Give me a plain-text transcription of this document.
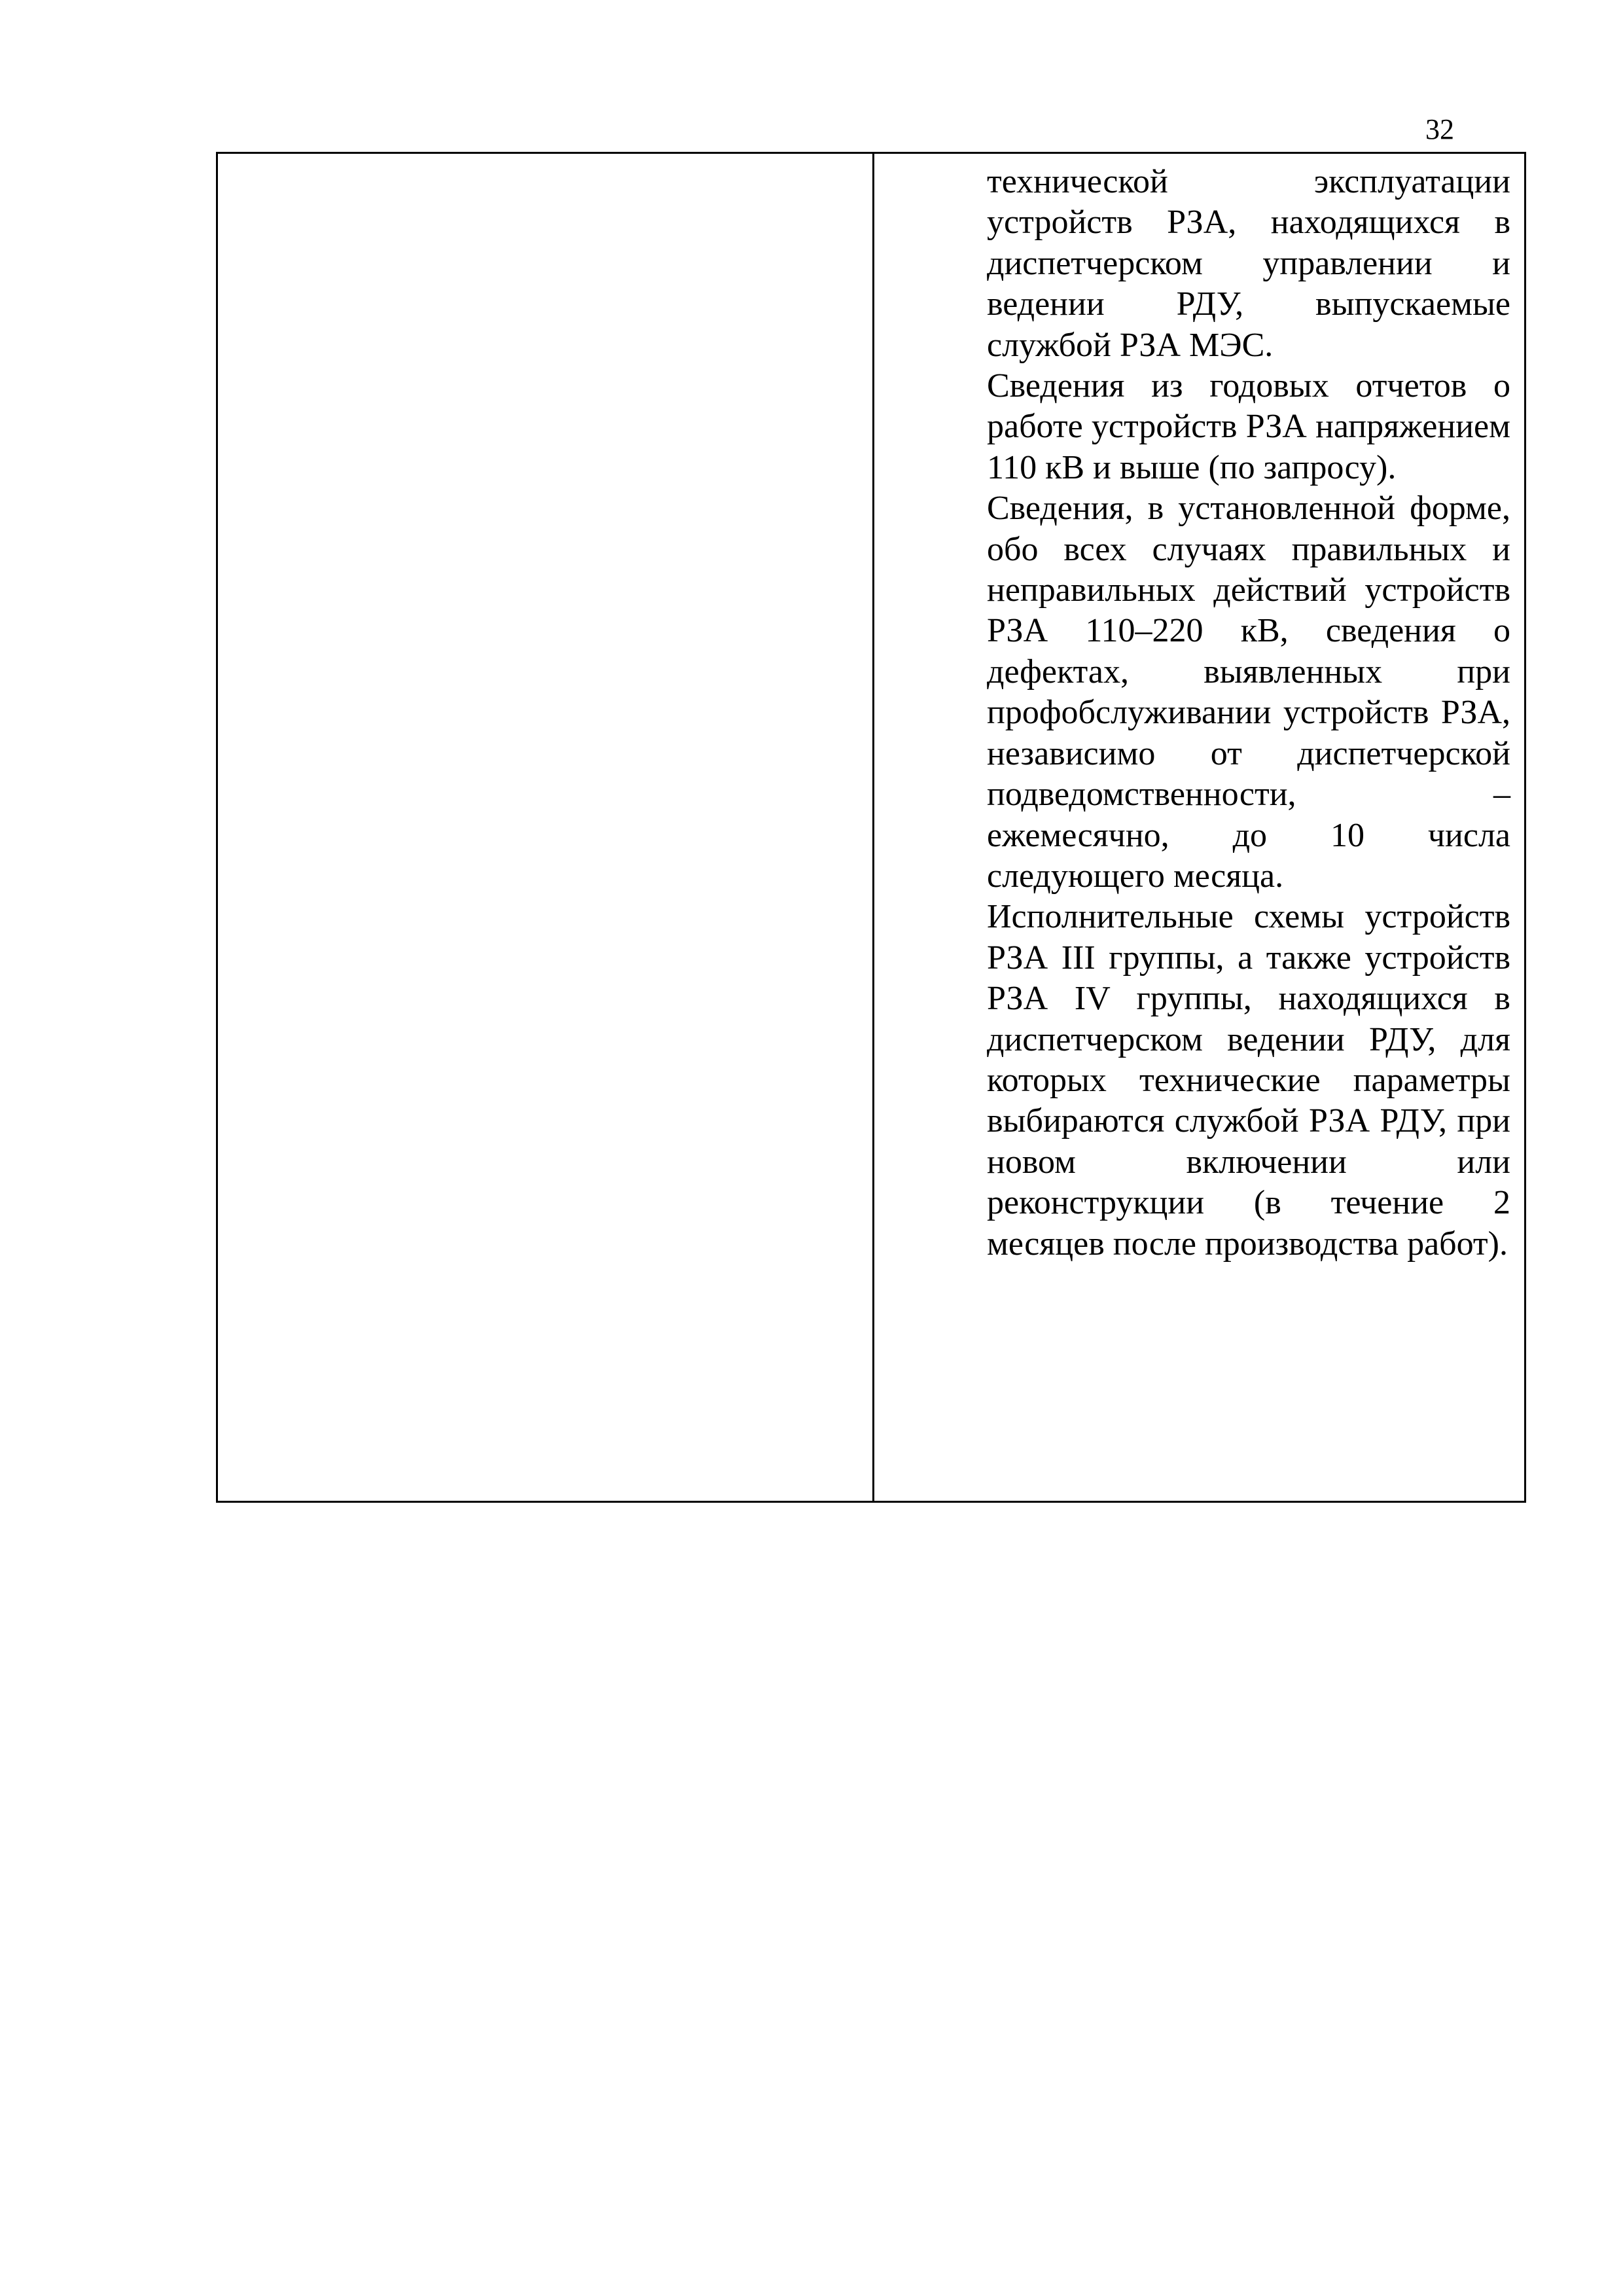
32

технической эксплуатации устройств РЗА, находящихся в диспетчерском управлении и ведении РДУ, выпускаемые службой РЗА МЭС.

Сведения из годовых отчетов о работе устройств РЗА напряжением 110 кВ и выше (по запросу).

Сведения, в установленной форме, обо всех случаях правильных и неправильных действий устройств РЗА 110–220 кВ, сведения о дефектах, выявленных при профобслуживании устройств РЗА, независимо от диспетчерской подведомственности, – ежемесячно, до 10 числа следующего месяца.

Исполнительные схемы устройств РЗА III группы, а также устройств РЗА IV группы, находящихся в диспетчерском ведении РДУ, для которых технические параметры выбираются службой РЗА РДУ, при новом включении или реконструкции (в течение 2 месяцев после производства работ).
